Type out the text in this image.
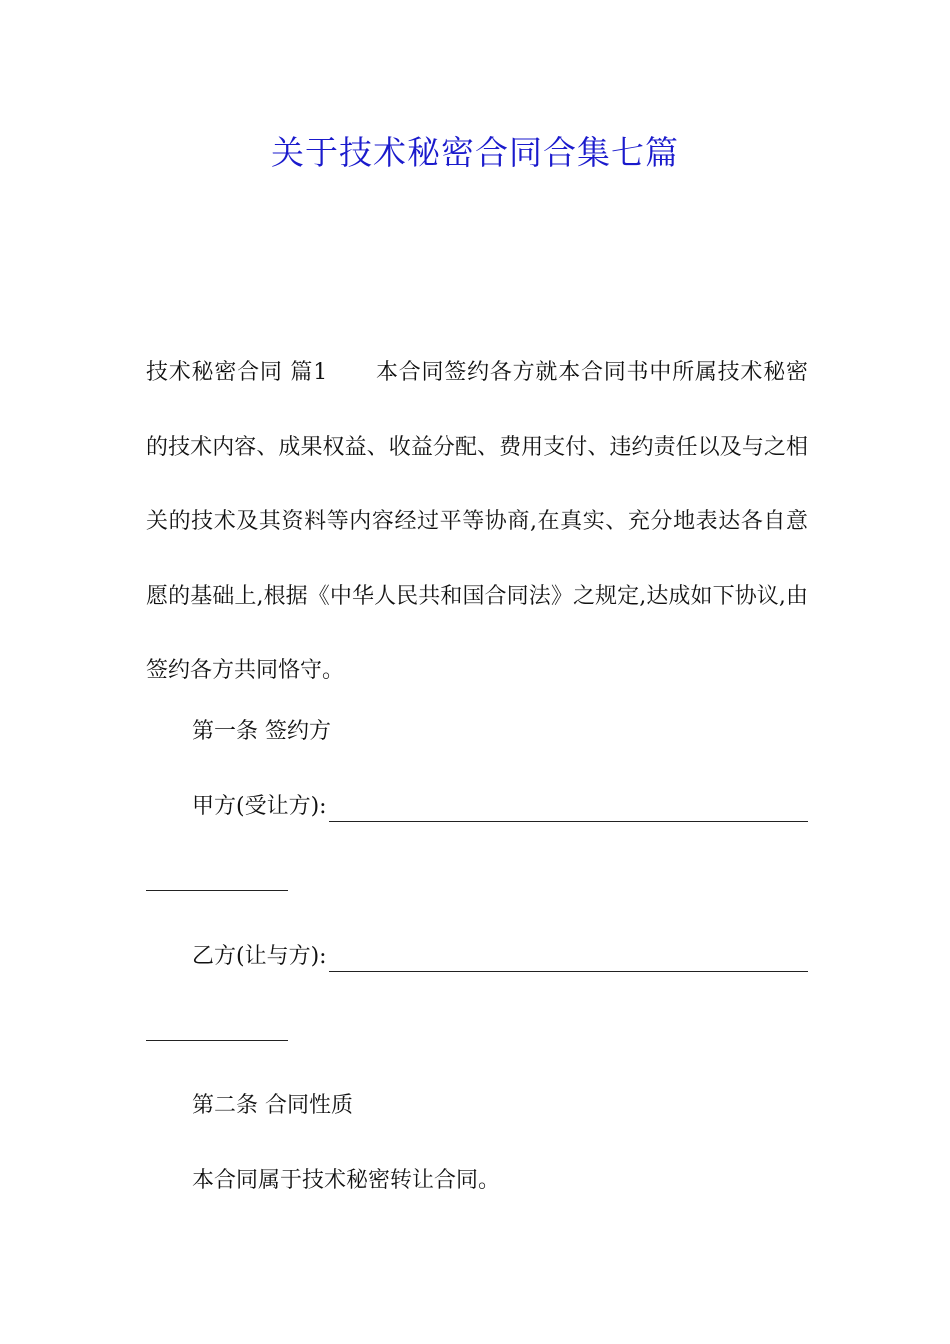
关于技术秘密合同合集七篇
技术秘密合同 篇1 本合同签约各方就本合同书中所属技术秘密的技术内容、成果权益、收益分配、费用支付、违约责任以及与之相关的技术及其资料等内容经过平等协商,在真实、充分地表达各自意愿的基础上,根据《中华人民共和国合同法》之规定,达成如下协议,由签约各方共同恪守。
第一条 签约方
甲方(受让方):
乙方(让与方):
第二条 合同性质
本合同属于技术秘密转让合同。
